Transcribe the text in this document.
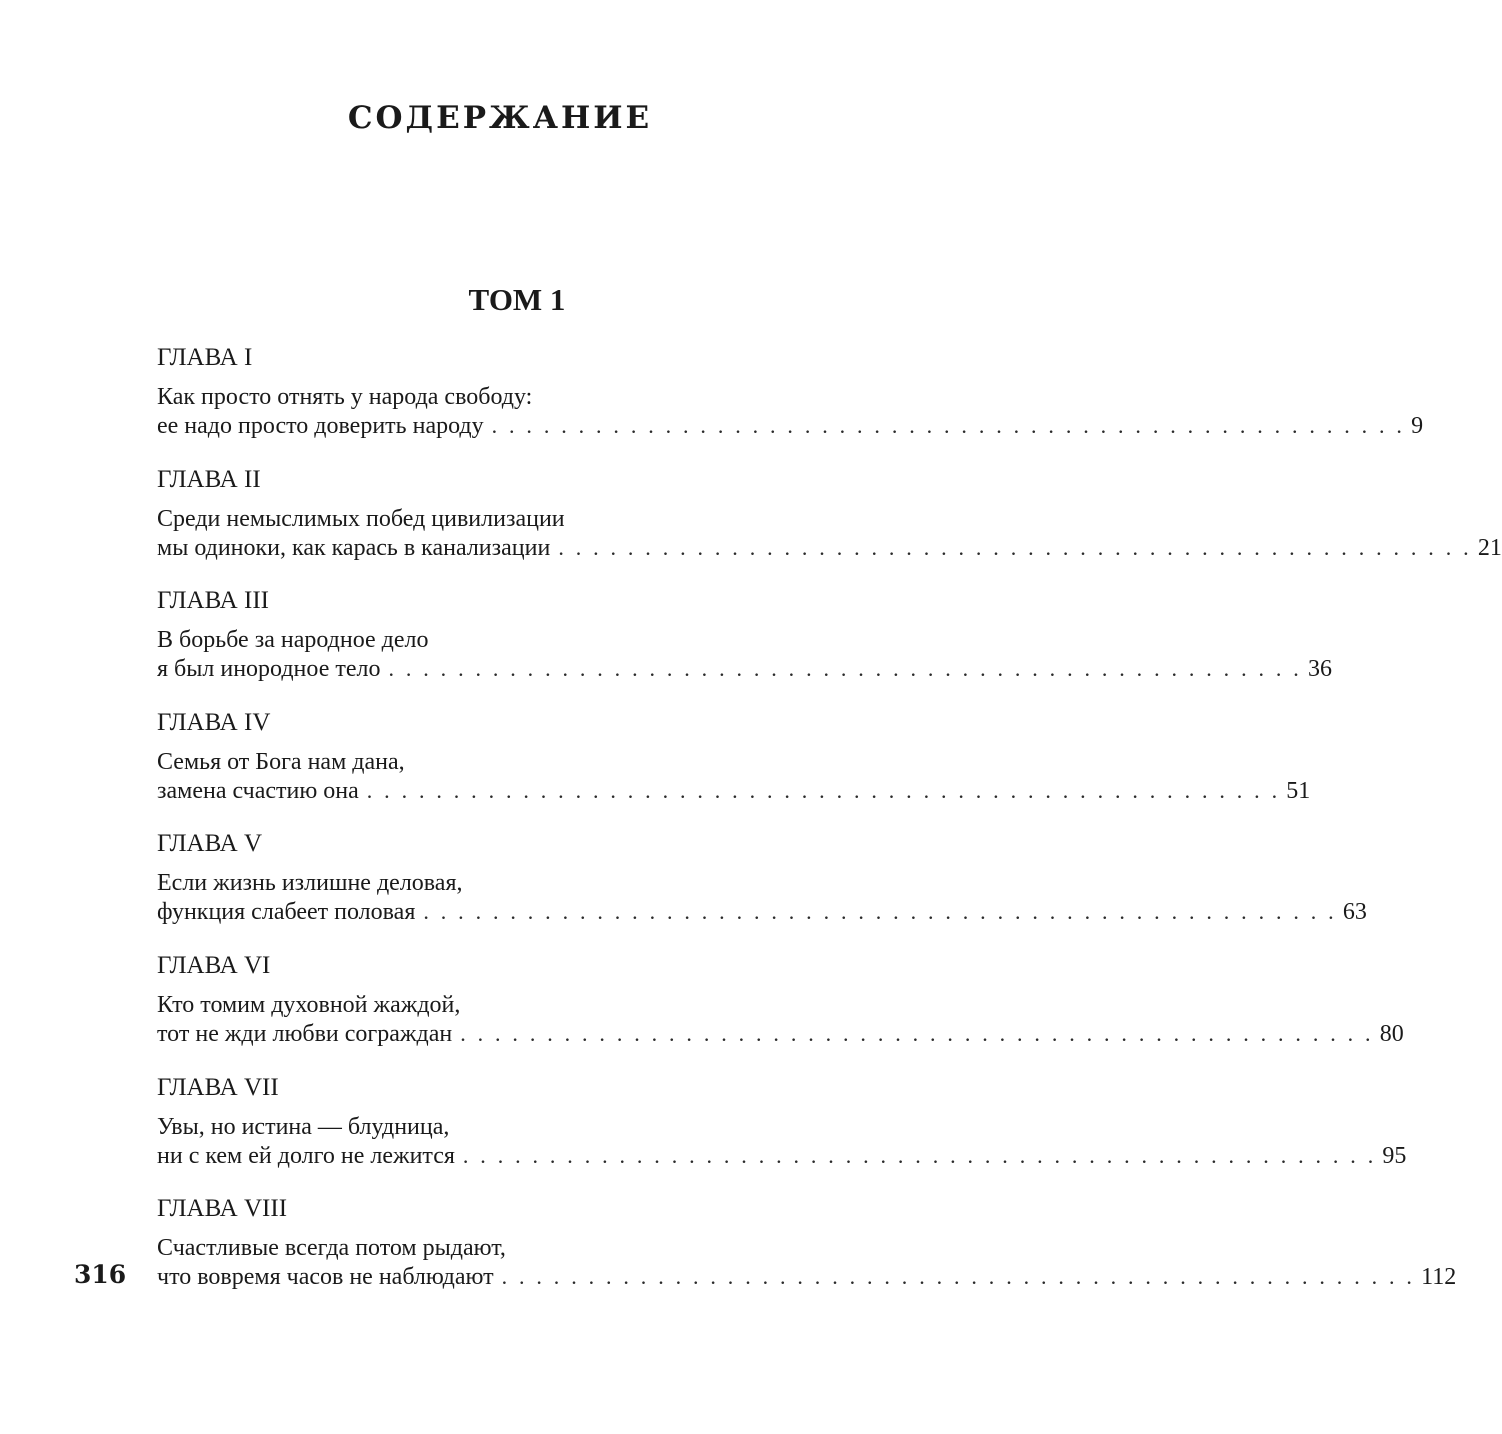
СОДЕРЖАНИЕ
ТОМ 1
ГЛАВА I
Как просто отнять у народа свободу:
ее надо просто доверить народу . . . . . . . . . . . . . . . . . . . . . . . . . . . . . . . . . . . . . . . . . . . . . . . . . . . . . 9
ГЛАВА II
Среди немыслимых побед цивилизации
мы одиноки, как карась в канализации . . . . . . . . . . . . . . . . . . . . . . . . . . . . . . . . . . . . . . . . . . . . . . . . . . . . . 21
ГЛАВА III
В борьбе за народное дело
я был инородное тело . . . . . . . . . . . . . . . . . . . . . . . . . . . . . . . . . . . . . . . . . . . . . . . . . . . . . 36
ГЛАВА IV
Семья от Бога нам дана,
замена счастию она . . . . . . . . . . . . . . . . . . . . . . . . . . . . . . . . . . . . . . . . . . . . . . . . . . . . . 51
ГЛАВА V
Если жизнь излишне деловая,
функция слабеет половая . . . . . . . . . . . . . . . . . . . . . . . . . . . . . . . . . . . . . . . . . . . . . . . . . . . . . 63
ГЛАВА VI
Кто томим духовной жаждой,
тот не жди любви сограждан . . . . . . . . . . . . . . . . . . . . . . . . . . . . . . . . . . . . . . . . . . . . . . . . . . . . . 80
ГЛАВА VII
Увы, но истина — блудница,
ни с кем ей долго не лежится . . . . . . . . . . . . . . . . . . . . . . . . . . . . . . . . . . . . . . . . . . . . . . . . . . . . . 95
ГЛАВА VIII
Счастливые всегда потом рыдают,
что вовремя часов не наблюдают . . . . . . . . . . . . . . . . . . . . . . . . . . . . . . . . . . . . . . . . . . . . . . . . . . . . . 112
316
